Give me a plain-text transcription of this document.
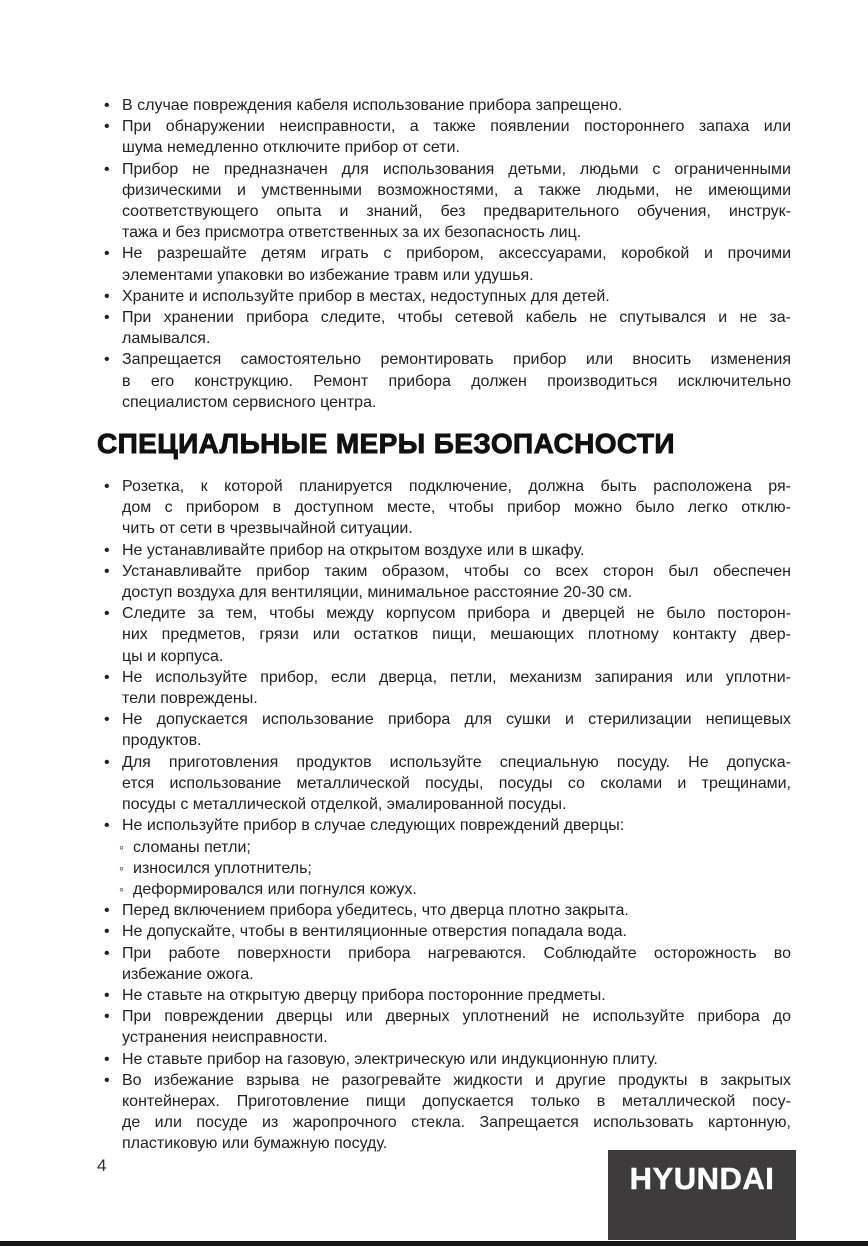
• В случае повреждения кабеля использование прибора запрещено.
• При обнаружении неисправности, а также появлении постороннего запаха или
шума немедленно отключите прибор от сети.
• Прибор не предназначен для использования детьми, людьми с ограниченными
физическими и умственными возможностями, а также людьми, не имеющими
соответствующего опыта и знаний, без предварительного обучения, инструк-
тажа и без присмотра ответственных за их безопасность лиц.
• Не разрешайте детям играть с прибором, аксессуарами, коробкой и прочими
элементами упаковки во избежание травм или удушья.
• Храните и используйте прибор в местах, недоступных для детей.
• При хранении прибора следите, чтобы сетевой кабель не спутывался и не за-
ламывался.
• Запрещается самостоятельно ремонтировать прибор или вносить изменения
в его конструкцию. Ремонт прибора должен производиться исключительно
специалистом сервисного центра.
СПЕЦИАЛЬНЫЕ МЕРЫ БЕЗОПАСНОСТИ
• Розетка, к которой планируется подключение, должна быть расположена ря-
дом с прибором в доступном месте, чтобы прибор можно было легко отклю-
чить от сети в чрезвычайной ситуации.
• Не устанавливайте прибор на открытом воздухе или в шкафу.
• Устанавливайте прибор таким образом, чтобы со всех сторон был обеспечен
доступ воздуха для вентиляции, минимальное расстояние 20-30 см.
• Следите за тем, чтобы между корпусом прибора и дверцей не было посторон-
них предметов, грязи или остатков пищи, мешающих плотному контакту двер-
цы и корпуса.
• Не используйте прибор, если дверца, петли, механизм запирания или уплотни-
тели повреждены.
• Не допускается использование прибора для сушки и стерилизации непищевых
продуктов.
• Для приготовления продуктов используйте специальную посуду. Не допуска-
ется использование металлической посуды, посуды со сколами и трещинами,
посуды с металлической отделкой, эмалированной посуды.
• Не используйте прибор в случае следующих повреждений дверцы:
◦ сломаны петли;
◦ износился уплотнитель;
◦ деформировался или погнулся кожух.
• Перед включением прибора убедитесь, что дверца плотно закрыта.
• Не допускайте, чтобы в вентиляционные отверстия попадала вода.
• При работе поверхности прибора нагреваются. Соблюдайте осторожность во
избежание ожога.
• Не ставьте на открытую дверцу прибора посторонние предметы.
• При повреждении дверцы или дверных уплотнений не используйте прибора до
устранения неисправности.
• Не ставьте прибор на газовую, электрическую или индукционную плиту.
• Во избежание взрыва не разогревайте жидкости и другие продукты в закрытых
контейнерах. Приготовление пищи допускается только в металлической посу-
де или посуде из жаропрочного стекла. Запрещается использовать картонную,
пластиковую или бумажную посуду.
4	HYUNDAI
